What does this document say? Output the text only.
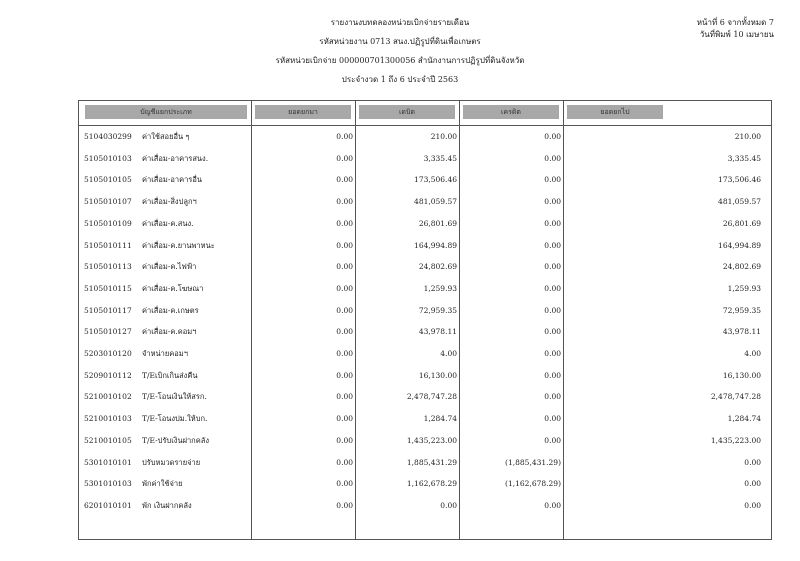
รายงานงบทดลองหน่วยเบิกจ่ายรายเดือน
รหัสหน่วยงาน 0713 สนง.ปฏิรูปที่ดินเพื่อเกษตร
รหัสหน่วยเบิกจ่าย 000000701300056 สำนักงานการปฏิรูปที่ดินจังหวัด
ประจำงวด 1 ถึง 6 ประจำปี 2563
หน้าที่ 6 จากทั้งหมด 7
วันที่พิมพ์ 10 เมษายน
บัญชีแยกประเภท	ยอดยกมา	เดบิต	เครดิต	ยอดยกไป
5104030299 ค่าใช้สอยอื่น ๆ	0.00	210.00	0.00	210.00
5105010103 ค่าเสื่อม-อาคารสนง.	0.00	3,335.45	0.00	3,335.45
5105010105 ค่าเสื่อม-อาคารอื่น	0.00	173,506.46	0.00	173,506.46
5105010107 ค่าเสื่อม-สิ่งปลูกฯ	0.00	481,059.57	0.00	481,059.57
5105010109 ค่าเสื่อม-ค.สนง.	0.00	26,801.69	0.00	26,801.69
5105010111 ค่าเสื่อม-ค.ยานพาหนะ	0.00	164,994.89	0.00	164,994.89
5105010113 ค่าเสื่อม-ค.ไฟฟ้า	0.00	24,802.69	0.00	24,802.69
5105010115 ค่าเสื่อม-ค.โฆษณา	0.00	1,259.93	0.00	1,259.93
5105010117 ค่าเสื่อม-ค.เกษตร	0.00	72,959.35	0.00	72,959.35
5105010127 ค่าเสื่อม-ค.คอมฯ	0.00	43,978.11	0.00	43,978.11
5203010120 จำหน่ายคอมฯ	0.00	4.00	0.00	4.00
5209010112 T/Eเบิกเกินส่งคืน	0.00	16,130.00	0.00	16,130.00
5210010102 T/E-โอนเงินให้สรก.	0.00	2,478,747.28	0.00	2,478,747.28
5210010103 T/E-โอนงปม.ให้บก.	0.00	1,284.74	0.00	1,284.74
5210010105 T/E-ปรับเงินฝากคลัง	0.00	1,435,223.00	0.00	1,435,223.00
5301010101 ปรับหมวดรายจ่าย	0.00	1,885,431.29	(1,885,431.29)	0.00
5301010103 พักค่าใช้จ่าย	0.00	1,162,678.29	(1,162,678.29)	0.00
6201010101 พัก เงินฝากคลัง	0.00	0.00	0.00	0.00
